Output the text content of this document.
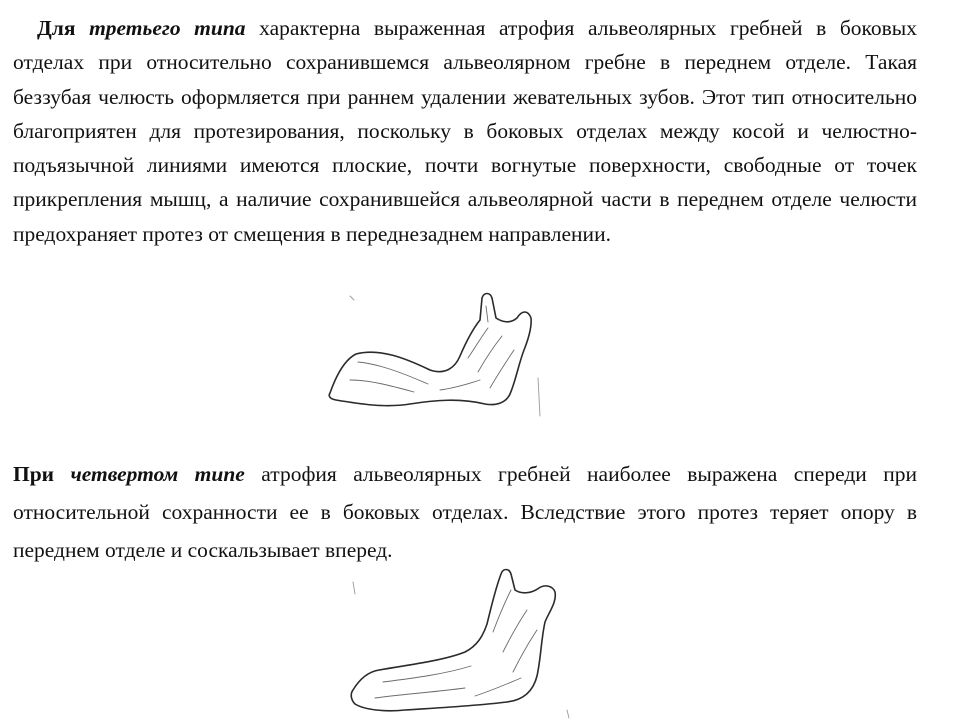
Для третьего типа характерна выраженная атрофия альвеолярных гребней в боковых отделах при относительно сохранившемся альвеолярном гребне в переднем отделе. Такая беззубая челюсть оформляется при раннем удалении жевательных зубов. Этот тип относительно благоприятен для протезирования, поскольку в боковых отделах между косой и челюстно-подъязычной линиями имеются плоские, почти вогнутые поверхности, свободные от точек прикрепления мышц, а наличие сохранившейся альвеолярной части в переднем отделе челюсти предохраняет протез от смещения в переднезаднем направлении.
При четвертом типе атрофия альвеолярных гребней наиболее выражена спереди при относительной сохранности ее в боковых отделах. Вследствие этого протез теряет опору в переднем отделе и соскальзывает вперед.
